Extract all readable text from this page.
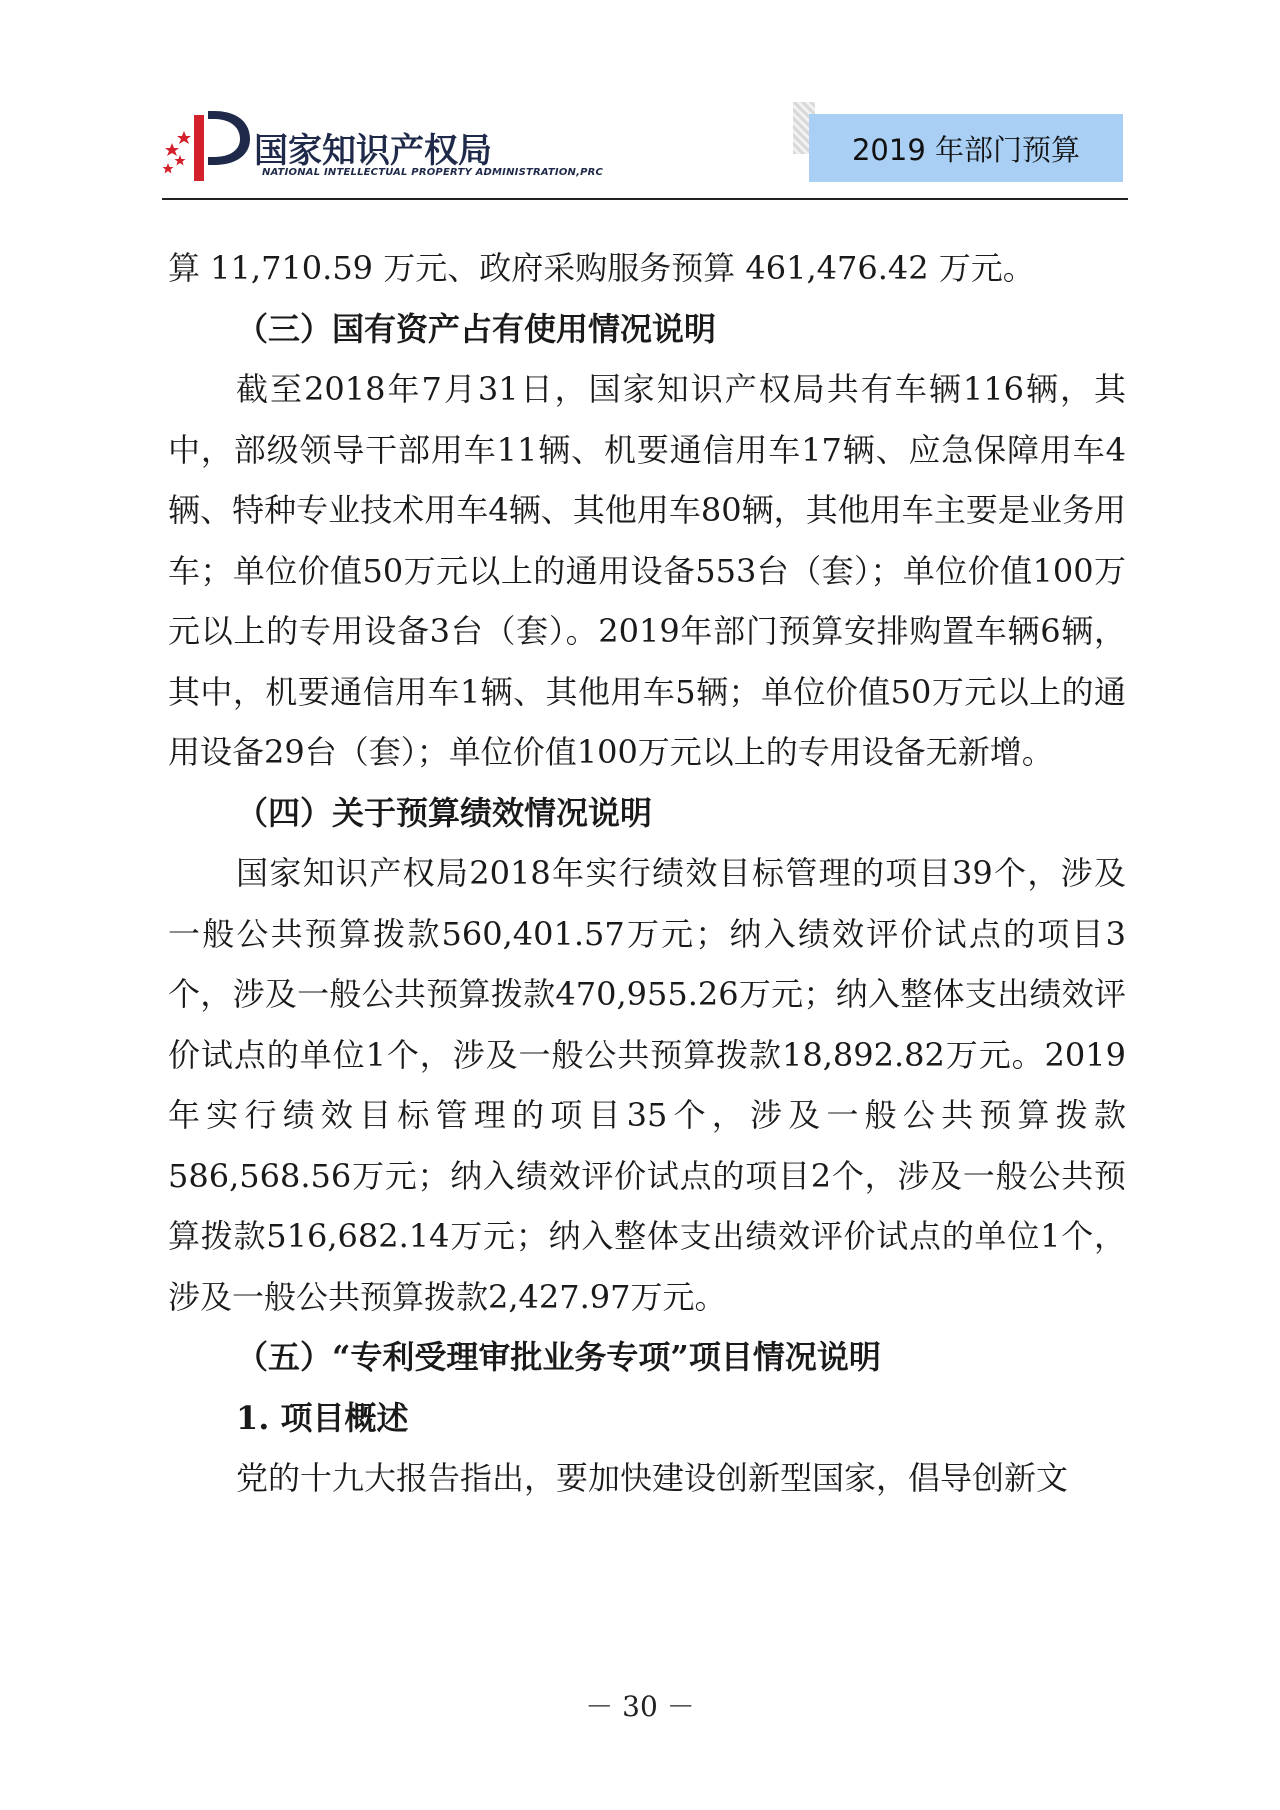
国家知识产权局
NATIONAL INTELLECTUAL PROPERTY ADMINISTRATION,PRC
2019 年部门预算

算 11,710.59 万元、政府采购服务预算 461,476.42 万元。

（三）国有资产占有使用情况说明

截至2018年7月31日，国家知识产权局共有车辆116辆，其中，部级领导干部用车11辆、机要通信用车17辆、应急保障用车4辆、特种专业技术用车4辆、其他用车80辆，其他用车主要是业务用车；单位价值50万元以上的通用设备553台（套）；单位价值100万元以上的专用设备3台（套）。2019年部门预算安排购置车辆6辆，其中，机要通信用车1辆、其他用车5辆；单位价值50万元以上的通用设备29台（套）；单位价值100万元以上的专用设备无新增。

（四）关于预算绩效情况说明

国家知识产权局2018年实行绩效目标管理的项目39个，涉及一般公共预算拨款560,401.57万元；纳入绩效评价试点的项目3个，涉及一般公共预算拨款470,955.26万元；纳入整体支出绩效评价试点的单位1个，涉及一般公共预算拨款18,892.82万元。2019年实行绩效目标管理的项目35个，涉及一般公共预算拨款586,568.56万元；纳入绩效评价试点的项目2个，涉及一般公共预算拨款516,682.14万元；纳入整体支出绩效评价试点的单位1个，涉及一般公共预算拨款2,427.97万元。

（五）“专利受理审批业务专项”项目情况说明

1. 项目概述

党的十九大报告指出，要加快建设创新型国家，倡导创新文

－ 30 －
